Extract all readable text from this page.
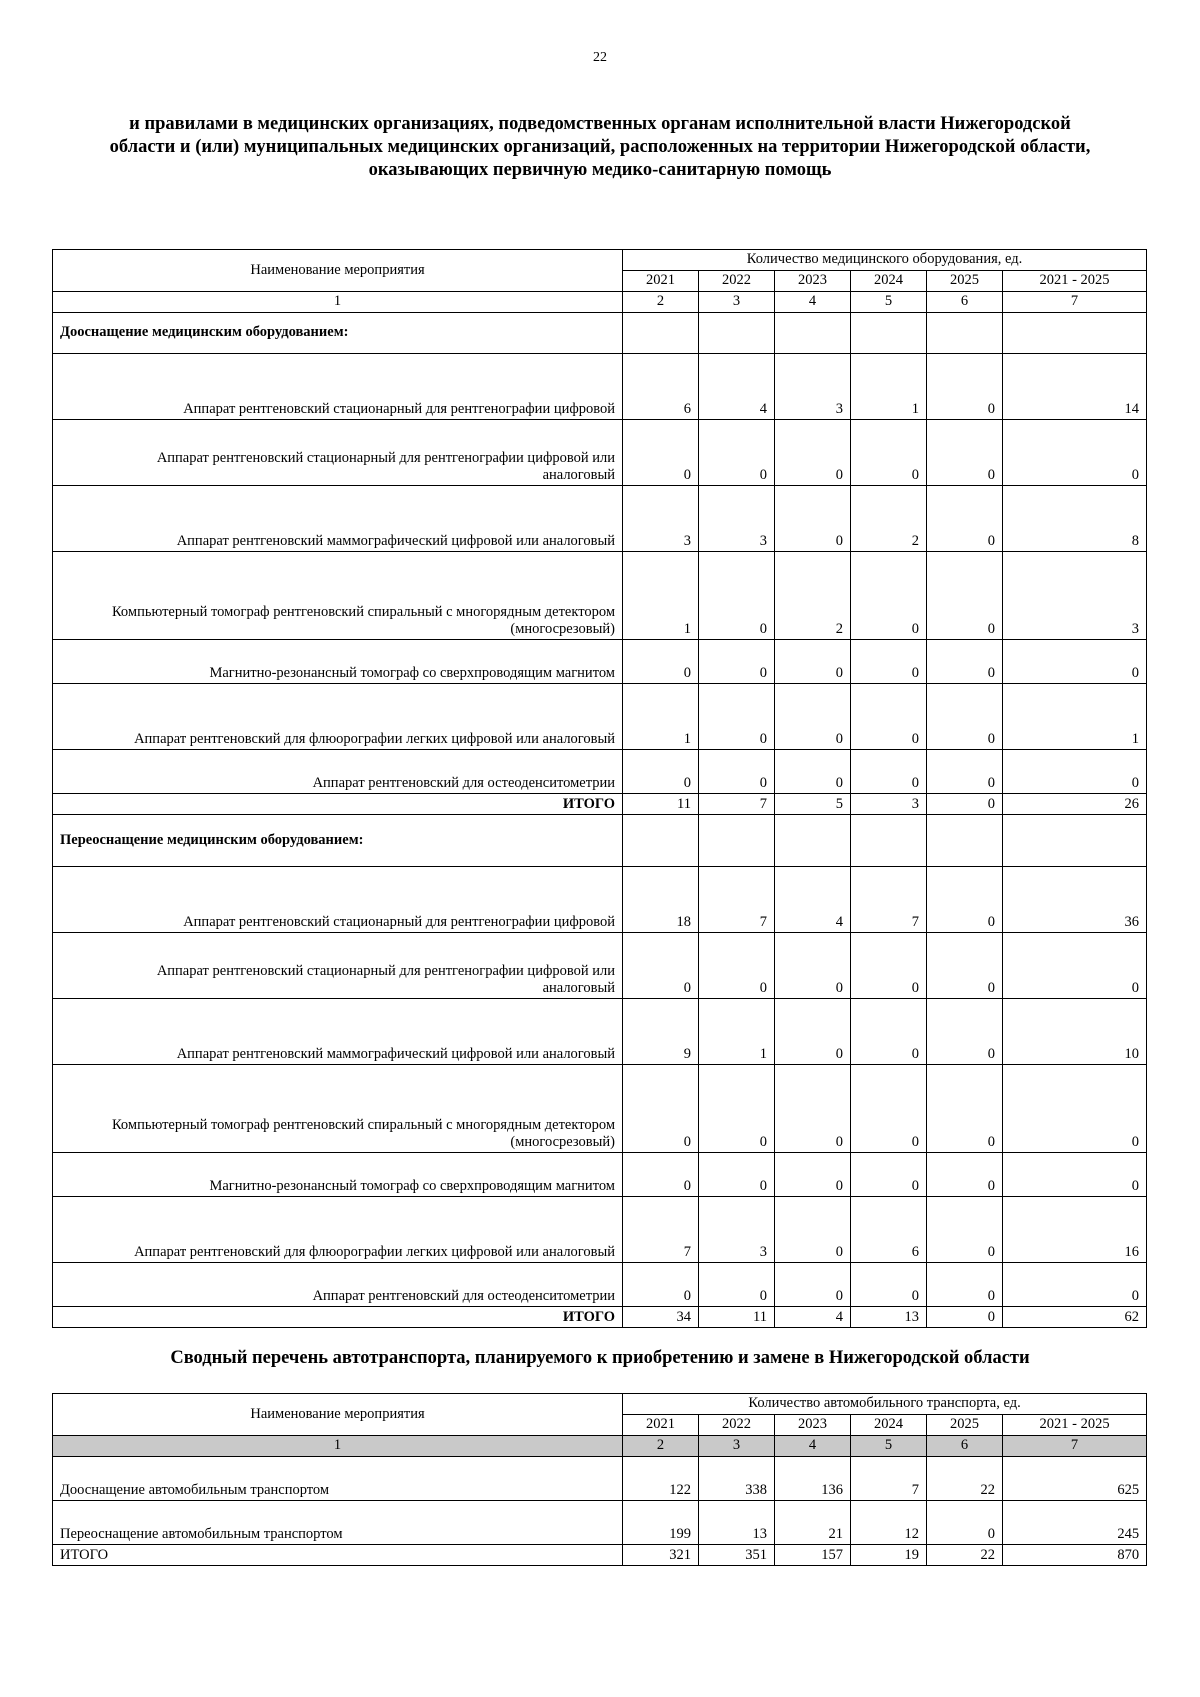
22
и правилами в медицинских организациях, подведомственных органам исполнительной власти Нижегородской
области и (или) муниципальных медицинских организаций, расположенных на территории Нижегородской области,
оказывающих первичную медико-санитарную помощь
Наименование мероприятия	Количество медицинского оборудования, ед.					
	2021	2022	2023	2024	2025	2021 - 2025
1	2	3	4	5	6	7
Дооснащение медицинским оборудованием:						

Аппарат рентгеновский стационарный для рентгенографии цифровой	6	4	3	1	0	14

Аппарат рентгеновский стационарный для рентгенографии цифровой или
аналоговый	0	0	0	0	0	0

Аппарат рентгеновский маммографический цифровой или аналоговый	3	3	0	2	0	8

Компьютерный томограф рентгеновский спиральный с многорядным детектором
(многосрезовый)	1	0	2	0	0	3

Магнитно-резонансный томограф со сверхпроводящим магнитом	0	0	0	0	0	0

Аппарат рентгеновский для флюорографии легких цифровой или аналоговый	1	0	0	0	0	1

Аппарат рентгеновский для остеоденситометрии	0	0	0	0	0	0
ИТОГО	11	7	5	3	0	26
Переоснащение медицинским оборудованием:						

Аппарат рентгеновский стационарный для рентгенографии цифровой	18	7	4	7	0	36

Аппарат рентгеновский стационарный для рентгенографии цифровой или
аналоговый	0	0	0	0	0	0

Аппарат рентгеновский маммографический цифровой или аналоговый	9	1	0	0	0	10

Компьютерный томограф рентгеновский спиральный с многорядным детектором
(многосрезовый)	0	0	0	0	0	0

Магнитно-резонансный томограф со сверхпроводящим магнитом	0	0	0	0	0	0

Аппарат рентгеновский для флюорографии легких цифровой или аналоговый	7	3	0	6	0	16

Аппарат рентгеновский для остеоденситометрии	0	0	0	0	0	0
ИТОГО	34	11	4	13	0	62
Сводный перечень автотранспорта, планируемого к приобретению и замене в Нижегородской области
Наименование мероприятия	Количество автомобильного транспорта, ед.					
	2021	2022	2023	2024	2025	2021 - 2025
1	2	3	4	5	6	7
Дооснащение автомобильным транспортом	122	338	136	7	22	625
Переоснащение автомобильным транспортом	199	13	21	12	0	245
ИТОГО	321	351	157	19	22	870
